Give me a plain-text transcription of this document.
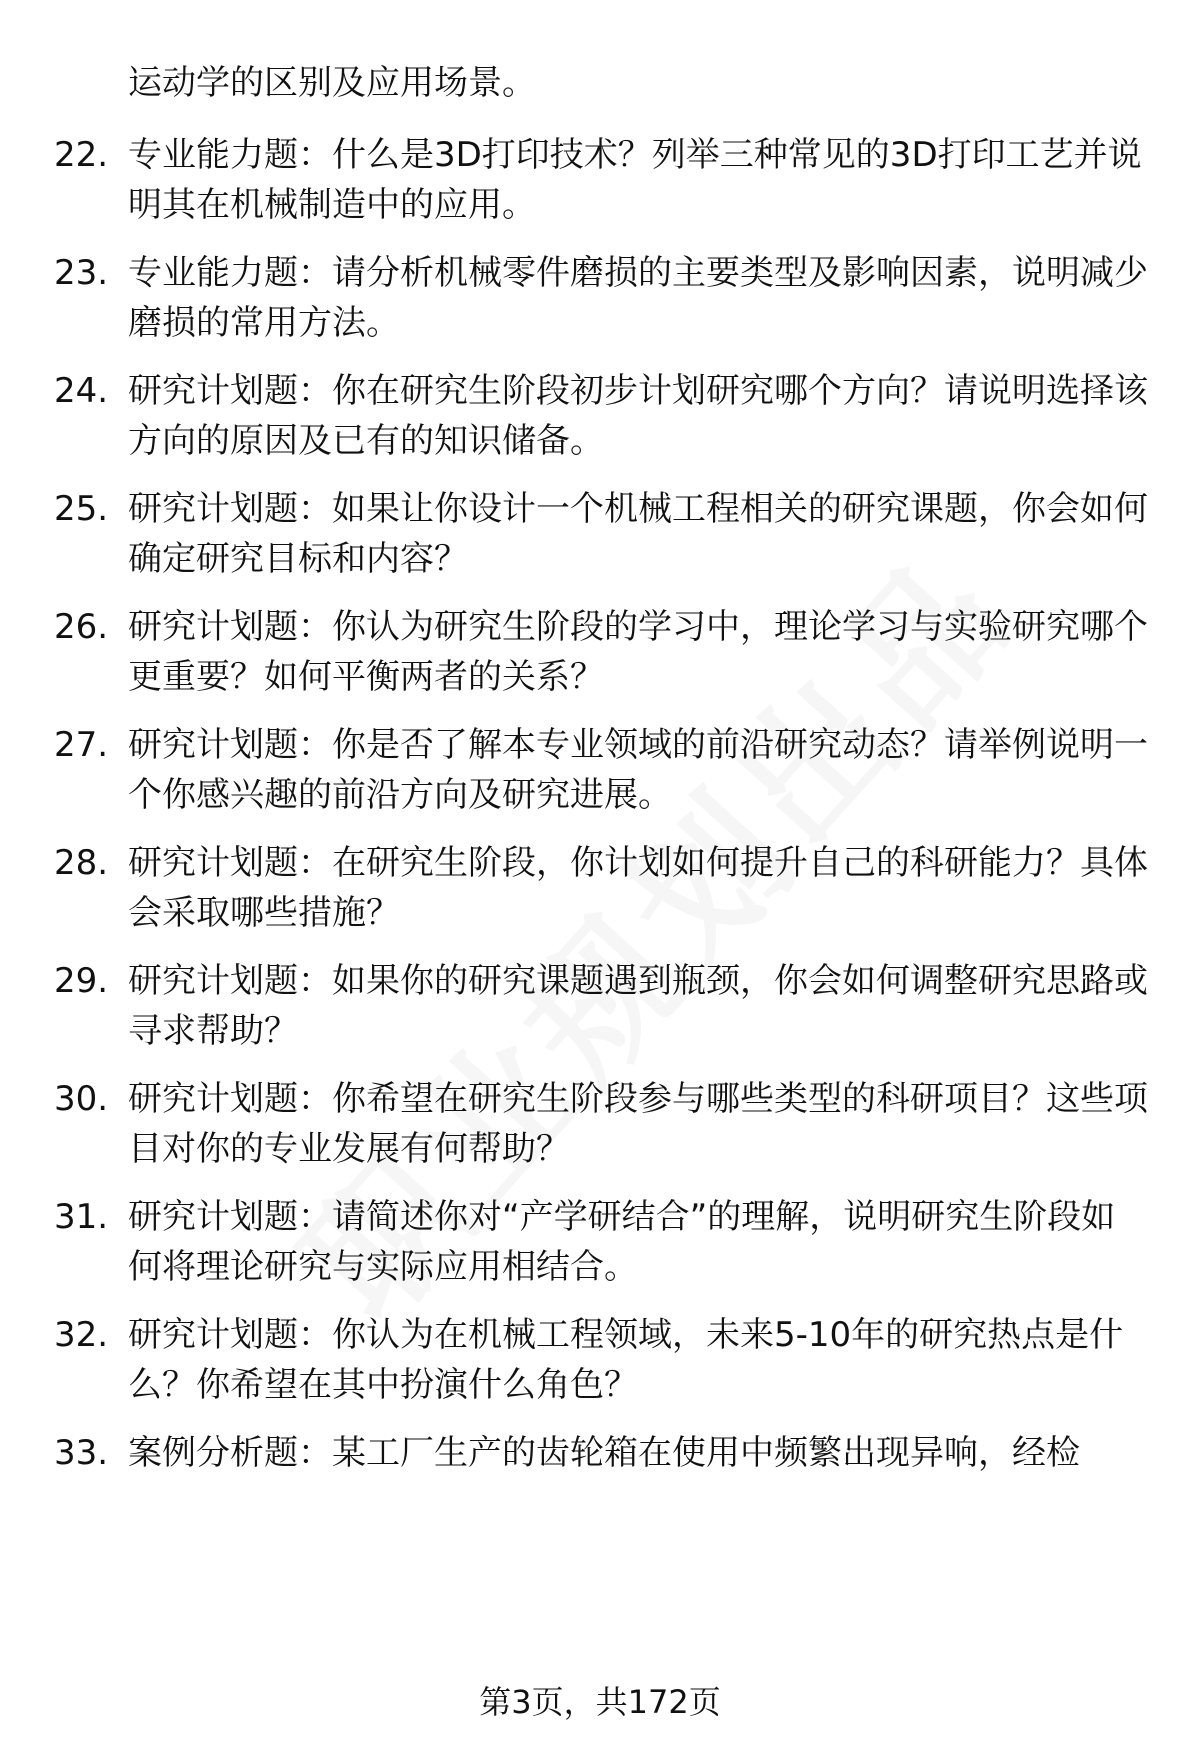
运动学的区别及应用场景。
22. 专业能力题：什么是3D打印技术？列举三种常见的3D打印工艺并说明其在机械制造中的应用。
23. 专业能力题：请分析机械零件磨损的主要类型及影响因素，说明减少磨损的常用方法。
24. 研究计划题：你在研究生阶段初步计划研究哪个方向？请说明选择该方向的原因及已有的知识储备。
25. 研究计划题：如果让你设计一个机械工程相关的研究课题，你会如何确定研究目标和内容？
26. 研究计划题：你认为研究生阶段的学习中，理论学习与实验研究哪个更重要？如何平衡两者的关系？
27. 研究计划题：你是否了解本专业领域的前沿研究动态？请举例说明一个你感兴趣的前沿方向及研究进展。
28. 研究计划题：在研究生阶段，你计划如何提升自己的科研能力？具体会采取哪些措施？
29. 研究计划题：如果你的研究课题遇到瓶颈，你会如何调整研究思路或寻求帮助？
30. 研究计划题：你希望在研究生阶段参与哪些类型的科研项目？这些项目对你的专业发展有何帮助？
31. 研究计划题：请简述你对“产学研结合”的理解，说明研究生阶段如何将理论研究与实际应用相结合。
32. 研究计划题：你认为在机械工程领域，未来5-10年的研究热点是什么？你希望在其中扮演什么角色？
33. 案例分析题：某工厂生产的齿轮箱在使用中频繁出现异响，经检
第3页，共172页
